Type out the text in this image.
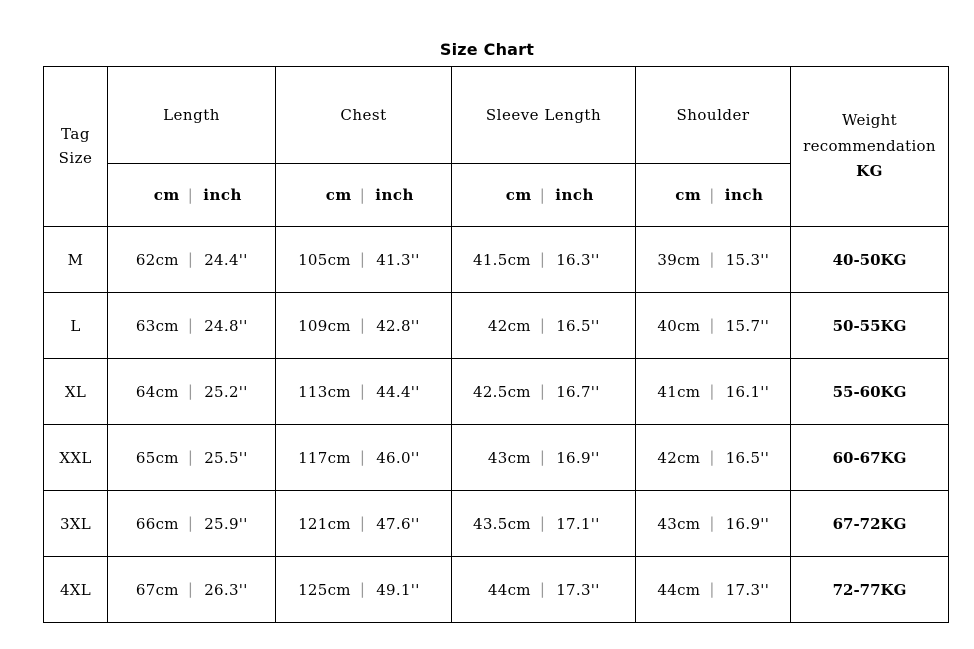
Size Chart
Tag
Size
	Length	Chest	Sleeve Length	Shoulder	Weight
recommendation
KG

	cm | inch	cm | inch	cm | inch	cm | inch	

M	62cm | 24.4''	105cm | 41.3''	41.5cm | 16.3''	39cm | 15.3''	40-50KG
L	63cm | 24.8''	109cm | 42.8''	42cm | 16.5''	40cm | 15.7''	50-55KG
XL	64cm | 25.2''	113cm | 44.4''	42.5cm | 16.7''	41cm | 16.1''	55-60KG
XXL	65cm | 25.5''	117cm | 46.0''	43cm | 16.9''	42cm | 16.5''	60-67KG
3XL	66cm | 25.9''	121cm | 47.6''	43.5cm | 17.1''	43cm | 16.9''	67-72KG
4XL	67cm | 26.3''	125cm | 49.1''	44cm | 17.3''	44cm | 17.3''	72-77KG
